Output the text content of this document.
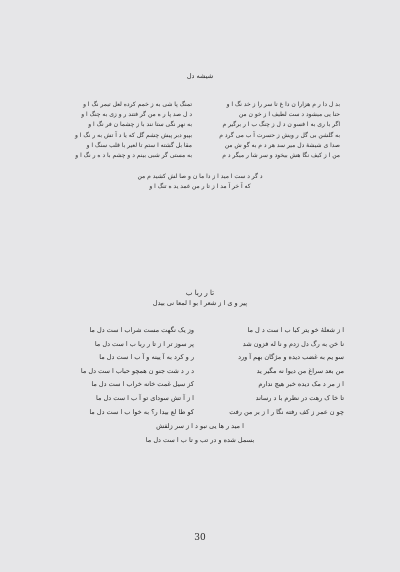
شیشه دل
بد ل دا ر م هزارا ن دا غ تا سر را ز خد نگ ا و
حنا یی میشود د ست لطیف ا ز خو ن من
اگر با ری به ا فسو ن د ل ز چنگ ب ا ر برگیر م
به گلشن بی گل ر ویش ز حسرت آ ب می گرد م
صدا ی شیشۀ دل میر سد هر د م به گو ش من
من ا ز کیف نگا هش بیخود و سر شا ر میگر د م
تمنگ پا شی به ز خمم کرده لعل تیمر نگ ا و
د ل صد پا ر ه من گر فتند ر و زی به چنگ ا و
به نهر نگی ستا نند با ز چشما ن فر نگ ا و
بپیو دبر پیش چشم گل که یا د آ تش به ر نگ ا و
مقا بل گشته ا ستم تا لعیر با قلب سنگ ا و
به مستی گر شبی بینم د و چشم با د ه ر نگ ا و
د گر د ست ا مید ا ز دا ما ن و صا لش کشید م من
که آ خر آ مد ا ز تا ر من غمد ید ه تنگ ا و
تا ر ربا ب
پیر و ی ا ز شعر ا بو ا لمعا نی بیدل
ا ز شعلهٔ خو یتر کبا ب ا ست د ل ما
نا خن به رگ دل زدم و نا له فزون شد
سو یم به غضب دیده و مژگان بهم آ ورد
من بعد سراغ من دیوا نه مگیر ید
ا ز مر د مک دیده خبر هیچ ندارم
تا خا ک رهت در نظرم با د رساند
چو ن عمر ز کف رفته نگا ر ا ز بر من رفت
وز یک نگهت مست شراب ا ست دل ما
پر سوز تر ا ز تا ر ربا ب ا ست دل ما
ر و کرد به آ یینه و آ ب ا ست دل ما
د ر د شت جنو ن همچو حباب ا ست دل ما
کز سیل غمت خانه خراب ا ست دل ما
ا ز آ تش سودای تو آ ب ا ست دل ما
کو طا لع بیدا ر؟ به خوا ب ا ست دل ما
ا مید ر ها یی نبو د ا ز سر زلفش
بسمل شده و در تب و تا ب ا ست دل ما
30
